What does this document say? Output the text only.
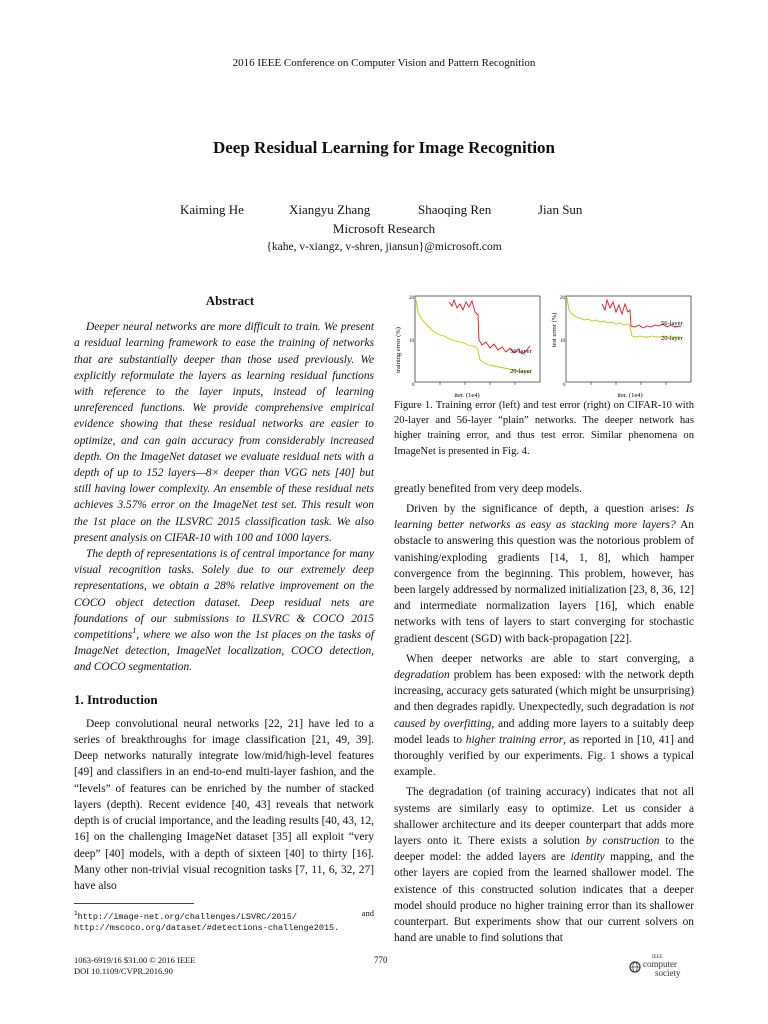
2016 IEEE Conference on Computer Vision and Pattern Recognition
Deep Residual Learning for Image Recognition
Kaiming He	Xiangyu Zhang	Shaoqing Ren	Jian Sun
Microsoft Research
{kahe, v-xiangz, v-shren, jiansun}@microsoft.com

Abstract

Deeper neural networks are more difficult to train. We present a residual learning framework to ease the training of networks that are substantially deeper than those used previously. We explicitly reformulate the layers as learning residual functions with reference to the layer inputs, instead of learning unreferenced functions. We provide comprehensive empirical evidence showing that these residual networks are easier to optimize, and can gain accuracy from considerably increased depth. On the ImageNet dataset we evaluate residual nets with a depth of up to 152 layers—8× deeper than VGG nets [40] but still having lower complexity. An ensemble of these residual nets achieves 3.57% error on the ImageNet test set. This result won the 1st place on the ILSVRC 2015 classification task. We also present analysis on CIFAR-10 with 100 and 1000 layers.

The depth of representations is of central importance for many visual recognition tasks. Solely due to our extremely deep representations, we obtain a 28% relative improvement on the COCO object detection dataset. Deep residual nets are foundations of our submissions to ILSVRC & COCO 2015 competitions$^1$, where we also won the 1st places on the tasks of ImageNet detection, ImageNet localization, COCO detection, and COCO segmentation.

1. Introduction

Deep convolutional neural networks [22, 21] have led to a series of breakthroughs for image classification [21, 49, 39]. Deep networks naturally integrate low/mid/high-level features [49] and classifiers in an end-to-end multi-layer fashion, and the “levels” of features can be enriched by the number of stacked layers (depth). Recent evidence [40, 43] reveals that network depth is of crucial importance, and the leading results [40, 43, 12, 16] on the challenging ImageNet dataset [35] all exploit “very deep” [40] models, with a depth of sixteen [40] to thirty [16]. Many other non-trivial visual recognition tasks [7, 11, 6, 32, 27] have also

$^1$http://image-net.org/challenges/LSVRC/2015/	and
http://mscoco.org/dataset/#detections-challenge2015.
training error (%)
20
10
0
56-layer
20-layer
iter. (1e4)
test error (%)
20
10
0
56-layer
20-layer
iter. (1e4)

Figure 1. Training error (left) and test error (right) on CIFAR-10 with 20-layer and 56-layer “plain” networks. The deeper network has higher training error, and thus test error. Similar phenomena on ImageNet is presented in Fig. 4.

greatly benefited from very deep models.

Driven by the significance of depth, a question arises: Is learning better networks as easy as stacking more layers? An obstacle to answering this question was the notorious problem of vanishing/exploding gradients [14, 1, 8], which hamper convergence from the beginning. This problem, however, has been largely addressed by normalized initialization [23, 8, 36, 12] and intermediate normalization layers [16], which enable networks with tens of layers to start converging for stochastic gradient descent (SGD) with back-propagation [22].

When deeper networks are able to start converging, a degradation problem has been exposed: with the network depth increasing, accuracy gets saturated (which might be unsurprising) and then degrades rapidly. Unexpectedly, such degradation is not caused by overfitting, and adding more layers to a suitably deep model leads to higher training error, as reported in [10, 41] and thoroughly verified by our experiments. Fig. 1 shows a typical example.

The degradation (of training accuracy) indicates that not all systems are similarly easy to optimize. Let us consider a shallower architecture and its deeper counterpart that adds more layers onto it. There exists a solution by construction to the deeper model: the added layers are identity mapping, and the other layers are copied from the learned shallower model. The existence of this constructed solution indicates that a deeper model should produce no higher training error than its shallower counterpart. But experiments show that our current solvers on hand are unable to find solutions that

1063-6919/16 $31.00 © 2016 IEEE
DOI 10.1109/CVPR.2016.90
770	IEEE
computer
society
